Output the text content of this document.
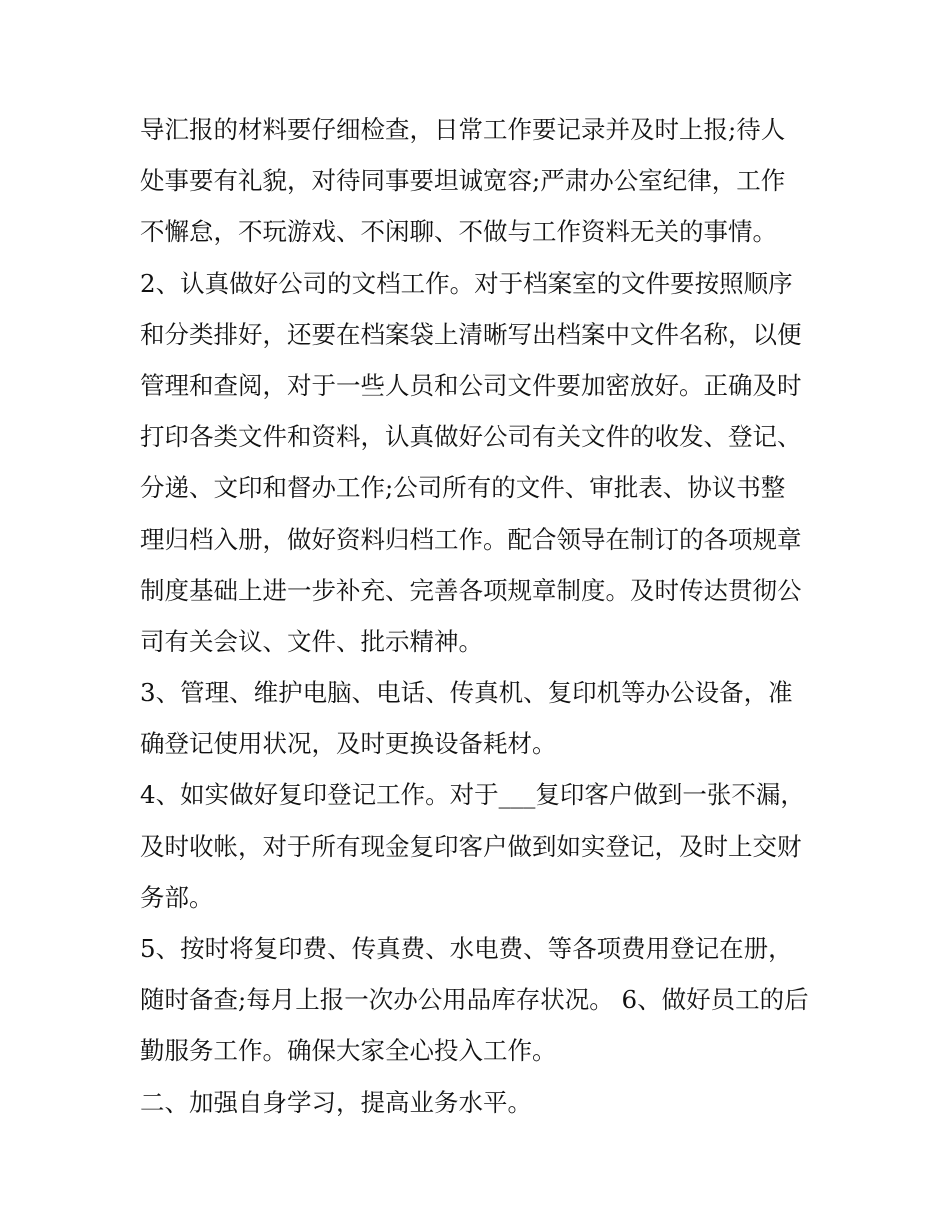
导汇报的材料要仔细检查，日常工作要记录并及时上报;待人
处事要有礼貌，对待同事要坦诚宽容;严肃办公室纪律，工作
不懈怠，不玩游戏、不闲聊、不做与工作资料无关的事情。
2、认真做好公司的文档工作。对于档案室的文件要按照顺序
和分类排好，还要在档案袋上清晰写出档案中文件名称，以便
管理和查阅，对于一些人员和公司文件要加密放好。正确及时
打印各类文件和资料，认真做好公司有关文件的收发、登记、
分递、文印和督办工作;公司所有的文件、审批表、协议书整
理归档入册，做好资料归档工作。配合领导在制订的各项规章
制度基础上进一步补充、完善各项规章制度。及时传达贯彻公
司有关会议、文件、批示精神。
3、管理、维护电脑、电话、传真机、复印机等办公设备，准
确登记使用状况，及时更换设备耗材。
4、如实做好复印登记工作。对于___复印客户做到一张不漏，
及时收帐，对于所有现金复印客户做到如实登记，及时上交财
务部。
5、按时将复印费、传真费、水电费、等各项费用登记在册，
随时备查;每月上报一次办公用品库存状况。 6、做好员工的后
勤服务工作。确保大家全心投入工作。
二、加强自身学习，提高业务水平。
